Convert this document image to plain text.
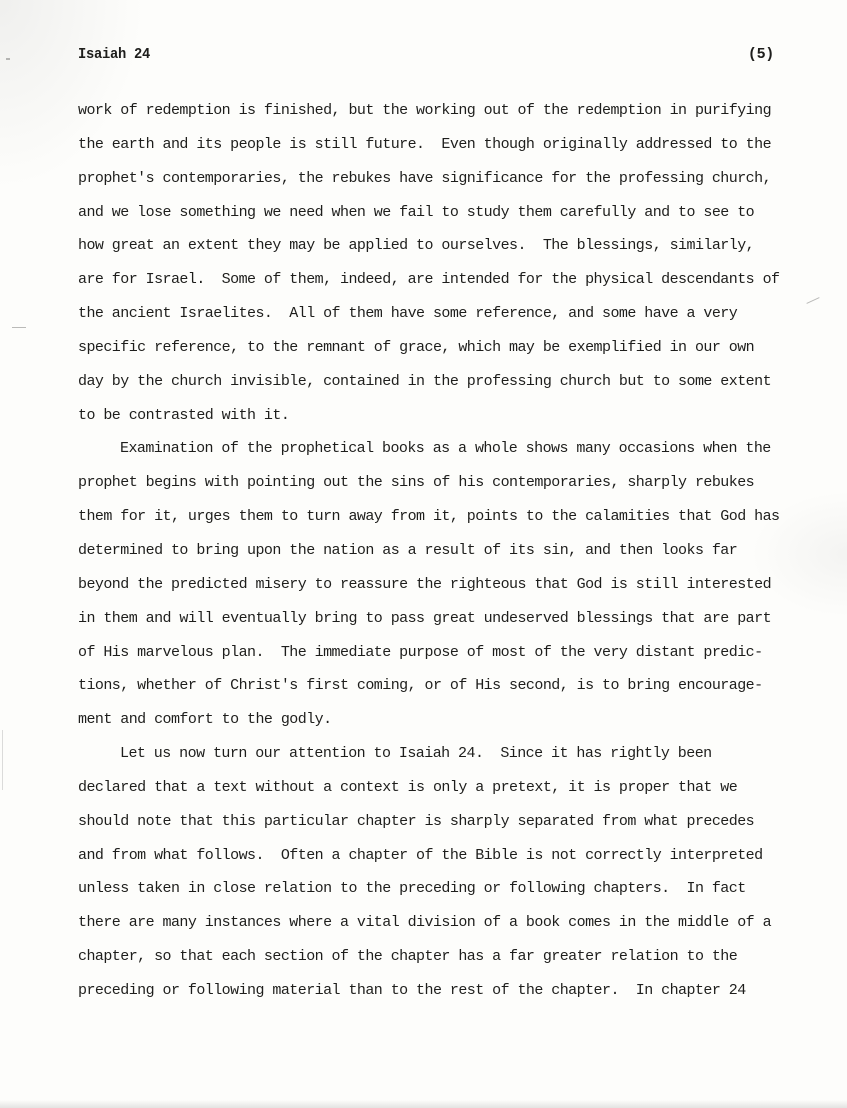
Isaiah 24	(5)
work of redemption is finished, but the working out of the redemption in purifying
the earth and its people is still future.  Even though originally addressed to the
prophet's contemporaries, the rebukes have significance for the professing church,
and we lose something we need when we fail to study them carefully and to see to
how great an extent they may be applied to ourselves.  The blessings, similarly,
are for Israel.  Some of them, indeed, are intended for the physical descendants of
the ancient Israelites.  All of them have some reference, and some have a very
specific reference, to the remnant of grace, which may be exemplified in our own
day by the church invisible, contained in the professing church but to some extent
to be contrasted with it.
Examination of the prophetical books as a whole shows many occasions when the
prophet begins with pointing out the sins of his contemporaries, sharply rebukes
them for it, urges them to turn away from it, points to the calamities that God has
determined to bring upon the nation as a result of its sin, and then looks far
beyond the predicted misery to reassure the righteous that God is still interested
in them and will eventually bring to pass great undeserved blessings that are part
of His marvelous plan.  The immediate purpose of most of the very distant predic-
tions, whether of Christ's first coming, or of His second, is to bring encourage-
ment and comfort to the godly.
Let us now turn our attention to Isaiah 24.  Since it has rightly been
declared that a text without a context is only a pretext, it is proper that we
should note that this particular chapter is sharply separated from what precedes
and from what follows.  Often a chapter of the Bible is not correctly interpreted
unless taken in close relation to the preceding or following chapters.  In fact
there are many instances where a vital division of a book comes in the middle of a
chapter, so that each section of the chapter has a far greater relation to the
preceding or following material than to the rest of the chapter.  In chapter 24
